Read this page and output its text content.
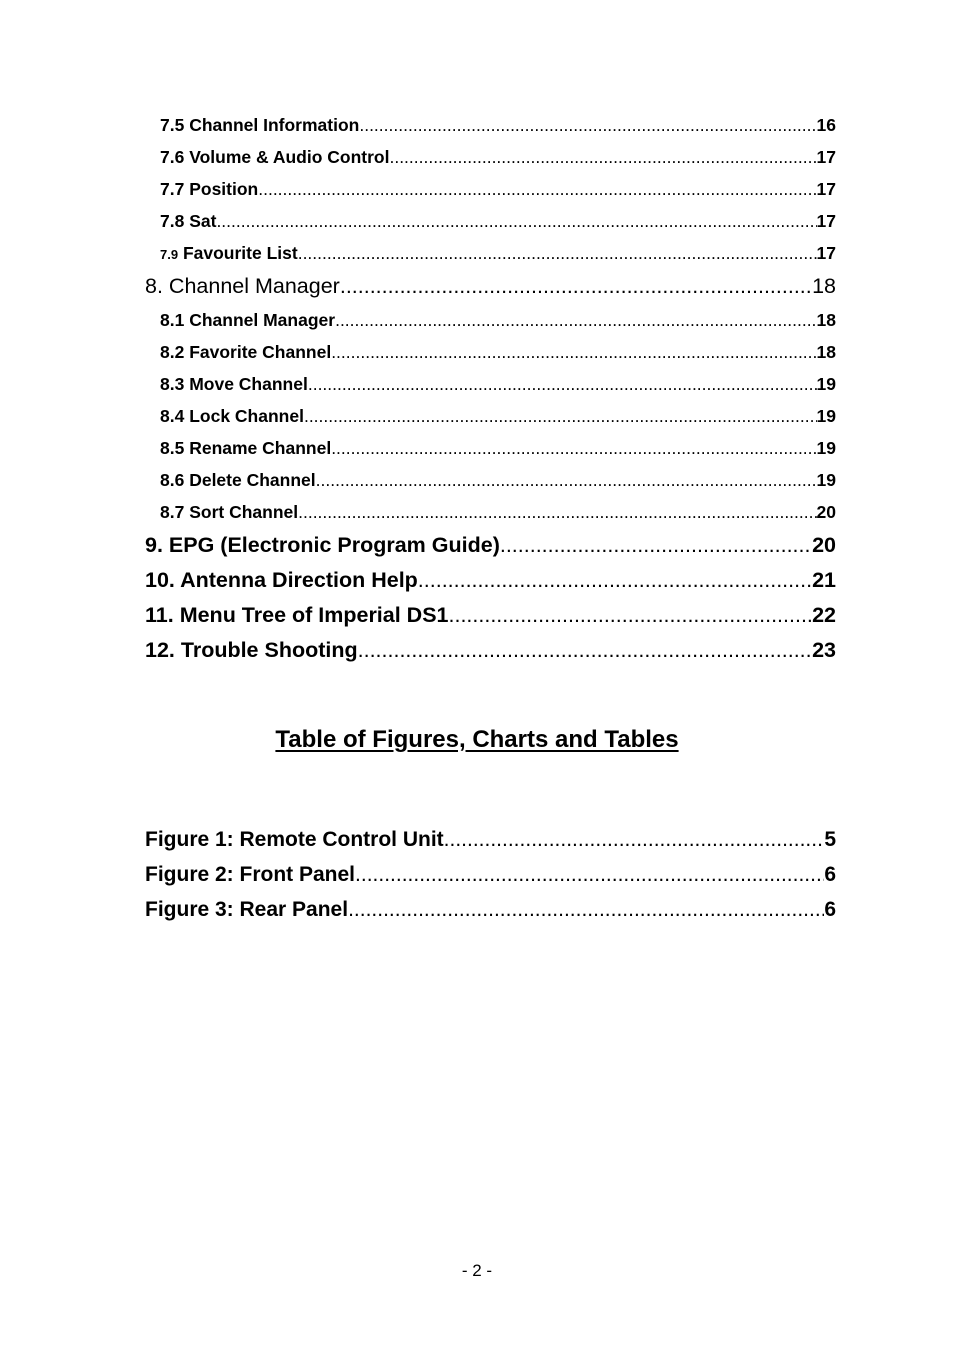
7.5 Channel Information .....	16
7.6 Volume & Audio Control .....	17
7.7 Position .....	17
7.8 Sat .....	17
7.9 Favourite List .....	17
8. Channel Manager .....	18
8.1 Channel Manager .....	18
8.2 Favorite Channel .....	18
8.3 Move Channel .....	19
8.4 Lock Channel .....	19
8.5 Rename Channel .....	19
8.6 Delete Channel .....	19
8.7 Sort Channel .....	20
9. EPG (Electronic Program Guide) .....	20
10. Antenna Direction Help .....	21
11. Menu Tree of Imperial DS1 .....	22
12. Trouble Shooting .....	23
Table of Figures, Charts and Tables
Figure 1: Remote Control Unit .....	5
Figure 2: Front Panel .....	6
Figure 3: Rear Panel .....	6
- 2 -
